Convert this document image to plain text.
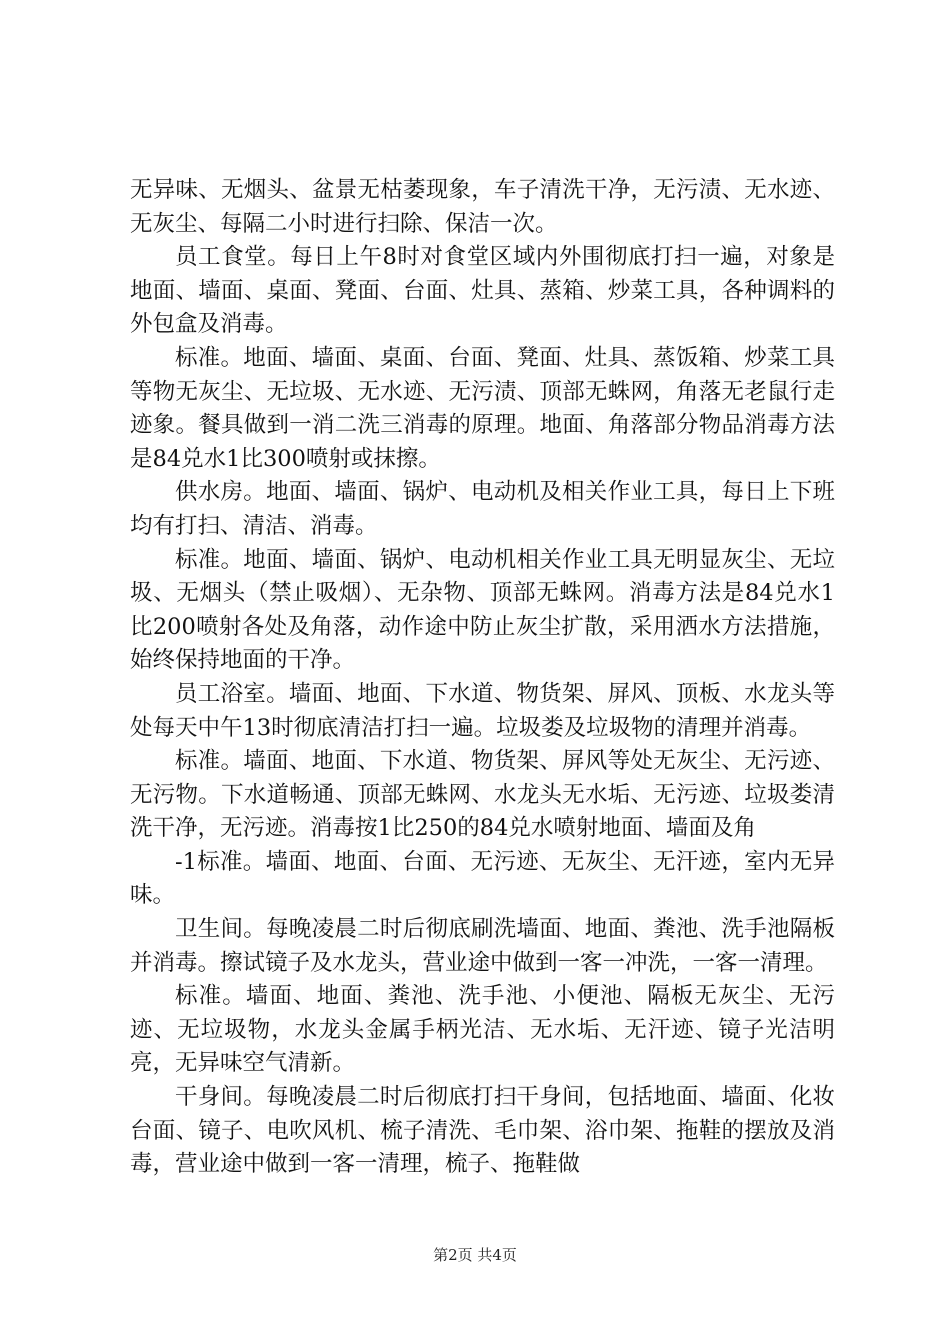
无异味、无烟头、盆景无枯萎现象，车子清洗干净，无污渍、无水迹、无灰尘、每隔二小时进行扫除、保洁一次。

员工食堂。每日上午8时对食堂区域内外围彻底打扫一遍，对象是地面、墙面、桌面、凳面、台面、灶具、蒸箱、炒菜工具，各种调料的外包盒及消毒。

标准。地面、墙面、桌面、台面、凳面、灶具、蒸饭箱、炒菜工具等物无灰尘、无垃圾、无水迹、无污渍、顶部无蛛网，角落无老鼠行走迹象。餐具做到一消二洗三消毒的原理。地面、角落部分物品消毒方法是84兑水1比300喷射或抹擦。

供水房。地面、墙面、锅炉、电动机及相关作业工具，每日上下班均有打扫、清洁、消毒。

标准。地面、墙面、锅炉、电动机相关作业工具无明显灰尘、无垃圾、无烟头（禁止吸烟）、无杂物、顶部无蛛网。消毒方法是84兑水1比200喷射各处及角落，动作途中防止灰尘扩散，采用洒水方法措施，始终保持地面的干净。

员工浴室。墙面、地面、下水道、物货架、屏风、顶板、水龙头等处每天中午13时彻底清洁打扫一遍。垃圾娄及垃圾物的清理并消毒。

标准。墙面、地面、下水道、物货架、屏风等处无灰尘、无污迹、无污物。下水道畅通、顶部无蛛网、水龙头无水垢、无污迹、垃圾娄清洗干净，无污迹。消毒按1比250的84兑水喷射地面、墙面及角

-1标准。墙面、地面、台面、无污迹、无灰尘、无汗迹，室内无异味。

卫生间。每晚凌晨二时后彻底刷洗墙面、地面、粪池、洗手池隔板并消毒。擦试镜子及水龙头，营业途中做到一客一冲洗，一客一清理。

标准。墙面、地面、粪池、洗手池、小便池、隔板无灰尘、无污迹、无垃圾物，水龙头金属手柄光洁、无水垢、无汗迹、镜子光洁明亮，无异味空气清新。

干身间。每晚凌晨二时后彻底打扫干身间，包括地面、墙面、化妆台面、镜子、电吹风机、梳子清洗、毛巾架、浴巾架、拖鞋的摆放及消毒，营业途中做到一客一清理，梳子、拖鞋做

第2页 共4页
